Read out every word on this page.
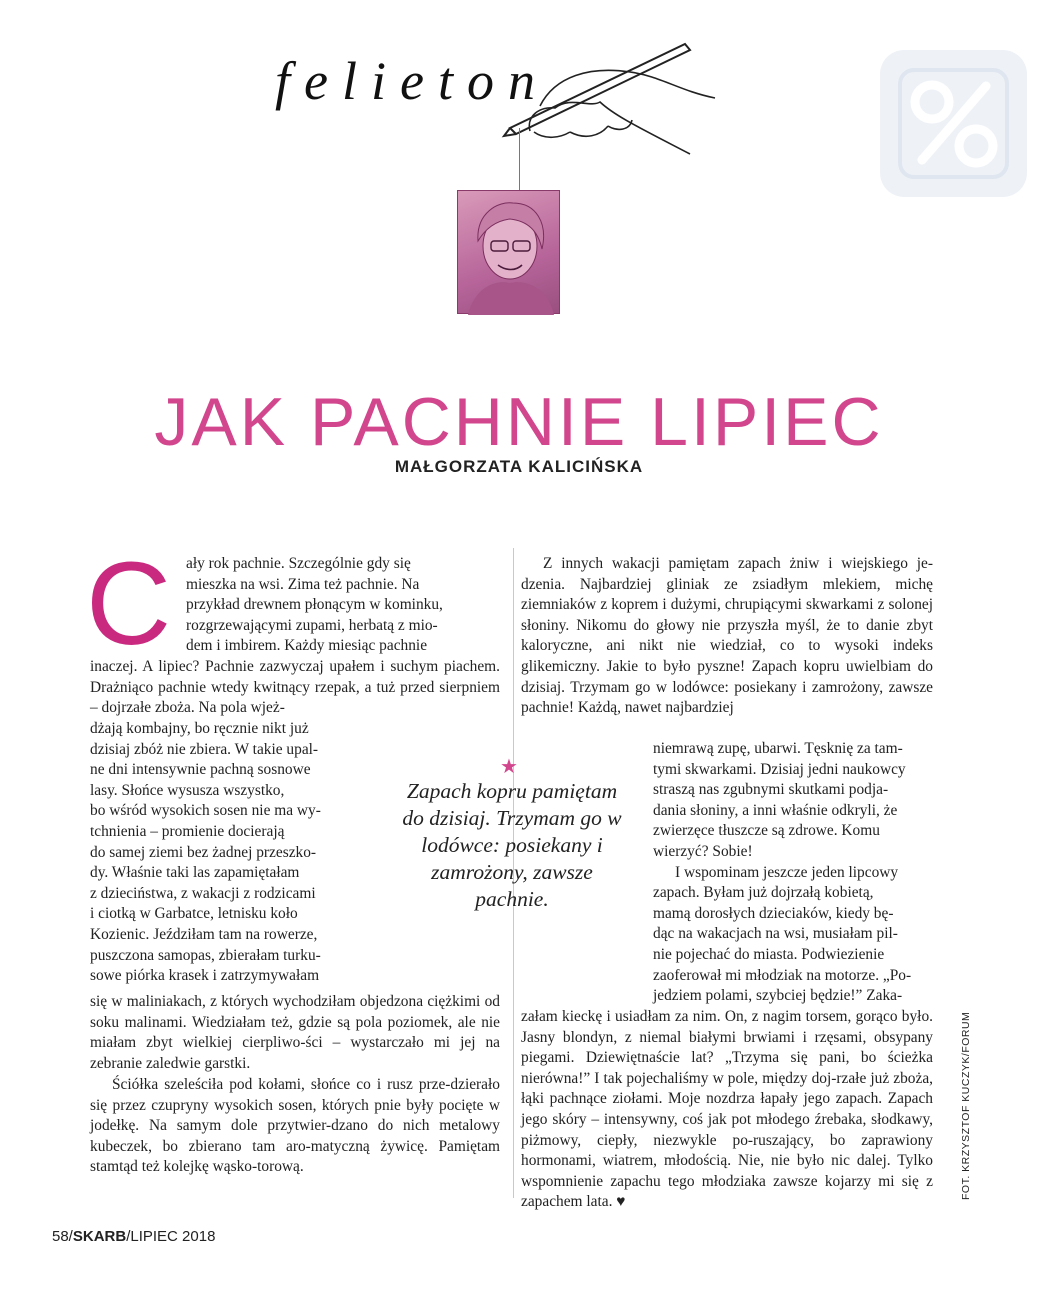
felieton
JAK PACHNIE LIPIEC
MAŁGORZATA KALICIŃSKA
C ały rok pachnie. Szczególnie gdy się

mieszka na wsi. Zima też pachnie. Na

przykład drewnem płonącym w kominku,

rozgrzewającymi zupami, herbatą z mio-

dem i imbirem. Każdy miesiąc pachnie

inaczej. A lipiec? Pachnie zazwyczaj upałem i suchym piachem. Drażniąco pachnie wtedy kwitnący rzepak, a tuż przed sierpniem – dojrzałe zboża. Na pola wjeż-

dżają kombajny, bo ręcznie nikt już

dzisiaj zbóż nie zbiera. W takie upal-

ne dni intensywnie pachną sosnowe

lasy. Słońce wysusza wszystko,

bo wśród wysokich sosen nie ma wy-

tchnienia – promienie docierają

do samej ziemi bez żadnej przeszko-

dy. Właśnie taki las zapamiętałam

z dzieciństwa, z wakacji z rodzicami

i ciotką w Garbatce, letnisku koło

Kozienic. Jeździłam tam na rowerze,

puszczona samopas, zbierałam turku-

sowe piórka krasek i zatrzymywałam

się w maliniakach, z których wychodziłam objedzona ciężkimi od soku malinami. Wiedziałam też, gdzie są pola poziomek, ale nie miałam zbyt wielkiej cierpliwo-ści – wystarczało mi jej na zebranie zaledwie garstki.
Ściółka szeleściła pod kołami, słońce co i rusz prze-dzierało się przez czupryny wysokich sosen, których pnie były pocięte w jodełkę. Na samym dole przytwier-dzano do nich metalowy kubeczek, bo zbierano tam aro-matyczną żywicę. Pamiętam stamtąd też kolejkę wąsko-torową.
★
Zapach kopru pamiętam do dzisiaj. Trzymam go w lodówce: posiekany i zamrożony, zawsze pachnie.
Z innych wakacji pamiętam zapach żniw i wiejskiego je-dzenia. Najbardziej gliniak ze zsiadłym mlekiem, michę ziemniaków z koprem i dużymi, chrupiącymi skwarkami z solonej słoniny. Nikomu do głowy nie przyszła myśl, że to danie zbyt kaloryczne, ani nikt nie wiedział, co to wysoki indeks glikemiczny. Jakie to było pyszne! Zapach kopru uwielbiam do dzisiaj. Trzymam go w lodówce: posiekany i zamrożony, zawsze pachnie! Każdą, nawet najbardziej

niemrawą zupę, ubarwi. Tęsknię za tam-

tymi skwarkami. Dzisiaj jedni naukowcy

straszą nas zgubnymi skutkami podja-

dania słoniny, a inni właśnie odkryli, że

zwierzęce tłuszcze są zdrowe. Komu

wierzyć? Sobie!

I wspominam jeszcze jeden lipcowy

zapach. Byłam już dojrzałą kobietą,

mamą dorosłych dzieciaków, kiedy bę-

dąc na wakacjach na wsi, musiałam pil-

nie pojechać do miasta. Podwiezienie

zaoferował mi młodziak na motorze. „Po-

jedziem polami, szybciej będzie!” Zaka-

załam kieckę i usiadłam za nim. On, z nagim torsem, gorąco było. Jasny blondyn, z niemal białymi brwiami i rzęsami, obsypany piegami. Dziewiętnaście lat? „Trzyma się pani, bo ścieżka nierówna!” I tak pojechaliśmy w pole, między doj-rzałe już zboża, łąki pachnące ziołami. Moje nozdrza łapały jego zapach. Zapach jego skóry – intensywny, coś jak pot młodego źrebaka, słodkawy, piżmowy, ciepły, niezwykle po-ruszający, bo zaprawiony hormonami, wiatrem, młodością. Nie, nie było nic dalej. Tylko wspomnienie zapachu tego młodziaka zawsze kojarzy mi się z zapachem lata. ♥
58/SKARB/LIPIEC 2018
FOT. KRZYSZTOF KUCZYK/FORUM
